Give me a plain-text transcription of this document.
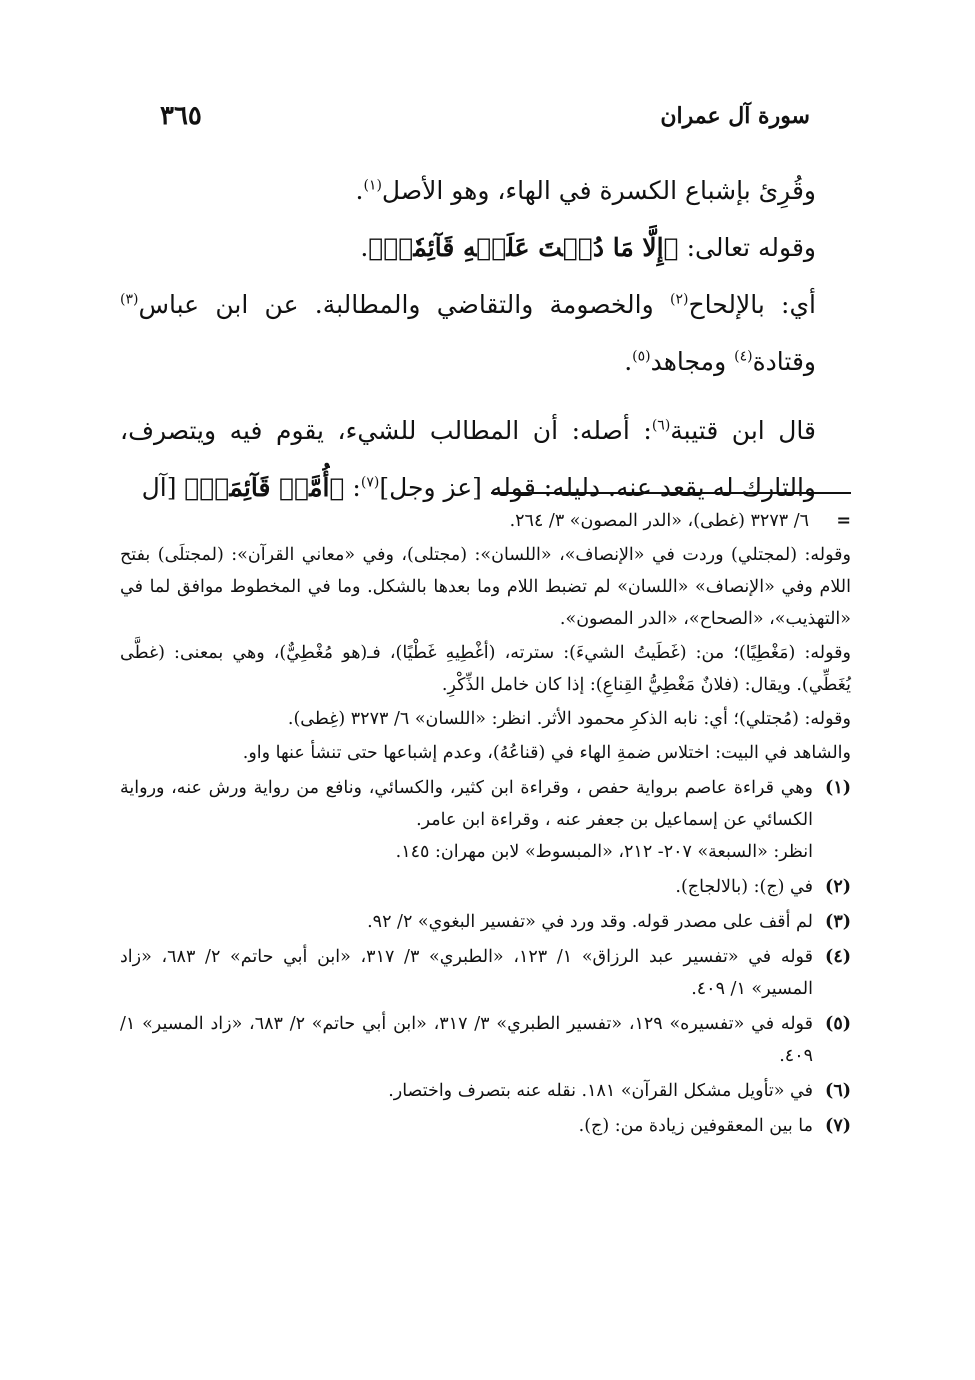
سورة آل عمران
٣٦٥

وقُرِئ بإشباع الكسرة في الهاء، وهو الأصل$^{(١)}$.

وقوله تعالى: ﴿إِلَّا مَا دُمۡتَ عَلَيۡهِ قَآئِمٗاۗ﴾.

أي: بالإلحاح$^{(٢)}$ والخصومة والتقاضي والمطالبة. عن ابن عباس$^{(٣)}$ وقتادة$^{(٤)}$ ومجاهد$^{(٥)}$.

قال ابن قتيبة$^{(٦)}$: أصله: أن المطالب للشيء، يقوم فيه ويتصرف، والتارك له يقعد عنه. دليله: قوله [عز وجل]$^{(٧)}$: ﴿أُمَّةٞ قَآئِمَةٞ﴾ [آل

=٦/ ٣٢٧٣ (غطى)، «الدر المصون» ٣/ ٢٦٤.

وقوله: (لمجتلي) وردت في «الإنصاف»، «اللسان»: (مجتلى)، وفي «معاني القرآن»: (لمجتلَى) بفتح اللام وفي «الإنصاف» «اللسان» لم تضبط اللام وما بعدها بالشكل. وما في المخطوط موافق لما في «التهذيب»، «الصحاح»، «الدر المصون».

وقوله: (مَغْطِيًا)؛ من: (غَطَيتُ الشيءَ): سترته، (أغْطِيهِ غَطْيًا)، فـ(هو مُغْطِيٌّ)، وهي بمعنى: (غطَّى يُغَطِّي). ويقال: (فلانٌ مَغْطِيُّ القِناعِ): إذا كان خامل الذِّكْرِ.

وقوله: (مُجتلي)؛ أي: نابه الذكرِ محمود الأثر. انظر: «اللسان» ٦/ ٣٢٧٣ (غِطى).

والشاهد في البيت: اختلاس ضمةِ الهاء في (قناعُهُ)، وعدم إشباعها حتى تنشأ عنها واو.

(١)
وهي قراءة عاصم برواية حفص ، وقراءة ابن كثير، والكسائي، ونافع من رواية ورش عنه، ورواية الكسائي عن إسماعيل بن جعفر عنه ، وقراءة ابن عامر.
انظر: «السبعة» ٢٠٧- ٢١٢، «المبسوط» لابن مهران: ١٤٥.
(٢)
في (ج): (بالالجاج).
(٣)
لم أقف على مصدر قوله. وقد ورد في «تفسير البغوي» ٢/ ٩٢.
(٤)
قوله في «تفسير عبد الرزاق» ١/ ١٢٣، «الطبري» ٣/ ٣١٧، «ابن أبي حاتم» ٢/ ٦٨٣، «زاد المسير» ١/ ٤٠٩.
(٥)
قوله في «تفسيره» ١٢٩، «تفسير الطبري» ٣/ ٣١٧، «ابن أبي حاتم» ٢/ ٦٨٣، «زاد المسير» ١/ ٤٠٩.
(٦)
في «تأويل مشكل القرآن» ١٨١. نقله عنه بتصرف واختصار.
(٧)
ما بين المعقوفين زيادة من: (ج).
